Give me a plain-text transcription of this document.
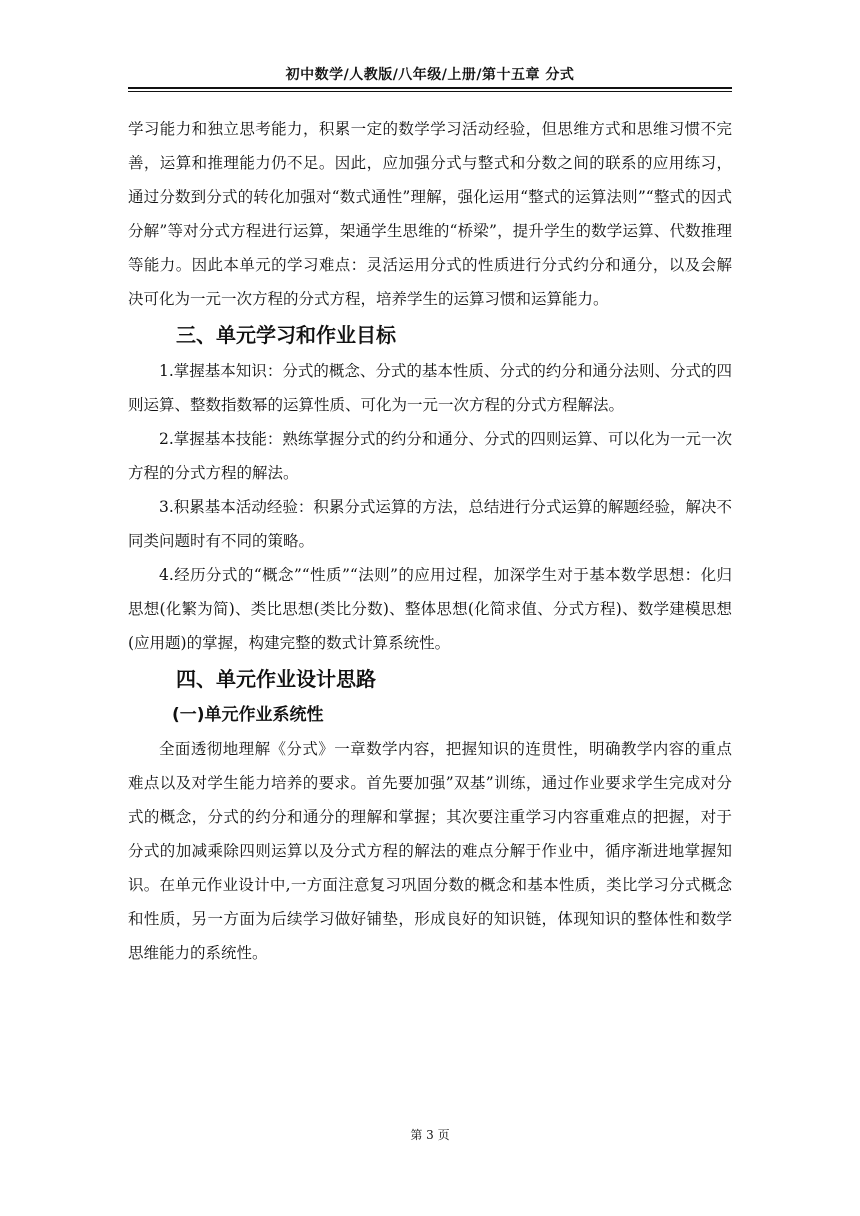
初中数学/人教版/八年级/上册/第十五章 分式

学习能力和独立思考能力，积累一定的数学学习活动经验，但思维方式和思维习惯不完善，运算和推理能力仍不足。因此，应加强分式与整式和分数之间的联系的应用练习，通过分数到分式的转化加强对“数式通性”理解，强化运用“整式的运算法则”“整式的因式分解”等对分式方程进行运算，架通学生思维的“桥梁”，提升学生的数学运算、代数推理等能力。因此本单元的学习难点：灵活运用分式的性质进行分式约分和通分，以及会解决可化为一元一次方程的分式方程，培养学生的运算习惯和运算能力。

三、单元学习和作业目标

1.掌握基本知识：分式的概念、分式的基本性质、分式的约分和通分法则、分式的四则运算、整数指数幂的运算性质、可化为一元一次方程的分式方程解法。

2.掌握基本技能：熟练掌握分式的约分和通分、分式的四则运算、可以化为一元一次方程的分式方程的解法。

3.积累基本活动经验：积累分式运算的方法，总结进行分式运算的解题经验，解决不同类问题时有不同的策略。

4.经历分式的“概念”“性质”“法则”的应用过程，加深学生对于基本数学思想：化归思想(化繁为简)、类比思想(类比分数)、整体思想(化简求值、分式方程)、数学建模思想(应用题)的掌握，构建完整的数式计算系统性。

四、单元作业设计思路
(一)单元作业系统性

全面透彻地理解《分式》一章数学内容，把握知识的连贯性，明确教学内容的重点难点以及对学生能力培养的要求。首先要加强”双基”训练，通过作业要求学生完成对分式的概念，分式的约分和通分的理解和掌握；其次要注重学习内容重难点的把握，对于分式的加减乘除四则运算以及分式方程的解法的难点分解于作业中，循序渐进地掌握知识。在单元作业设计中,一方面注意复习巩固分数的概念和基本性质，类比学习分式概念和性质，另一方面为后续学习做好铺垫，形成良好的知识链，体现知识的整体性和数学思维能力的系统性。

第 3 页
